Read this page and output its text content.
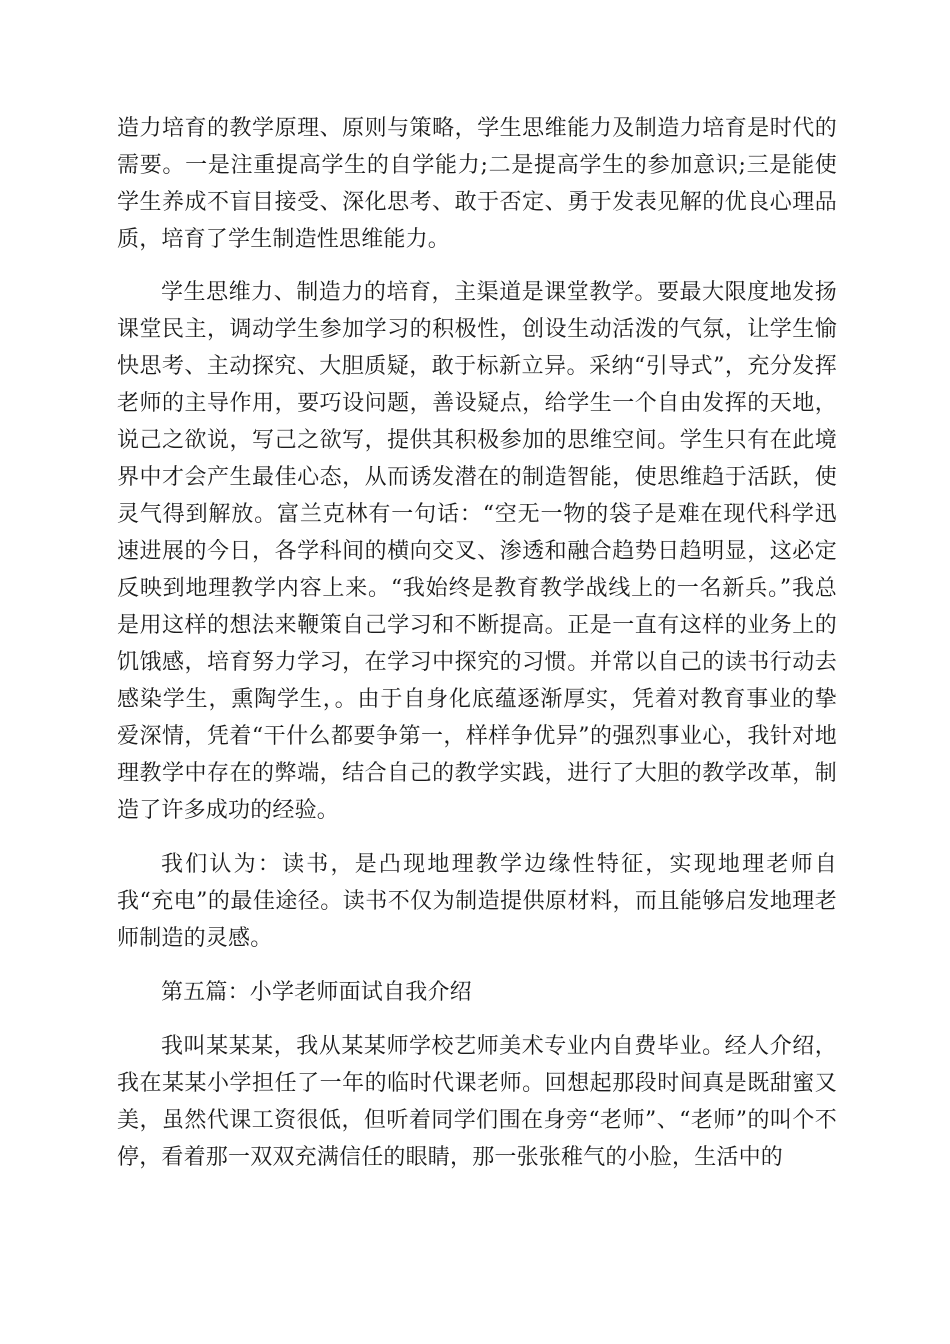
造力培育的教学原理、原则与策略，学生思维能力及制造力培育是时代的需要。一是注重提高学生的自学能力;二是提高学生的参加意识;三是能使学生养成不盲目接受、深化思考、敢于否定、勇于发表见解的优良心理品质，培育了学生制造性思维能力。

学生思维力、制造力的培育，主渠道是课堂教学。要最大限度地发扬课堂民主，调动学生参加学习的积极性，创设生动活泼的气氛，让学生愉快思考、主动探究、大胆质疑，敢于标新立异。采纳“引导式”，充分发挥老师的主导作用，要巧设问题，善设疑点，给学生一个自由发挥的天地，说己之欲说，写己之欲写，提供其积极参加的思维空间。学生只有在此境界中才会产生最佳心态，从而诱发潜在的制造智能，使思维趋于活跃，使灵气得到解放。富兰克林有一句话：“空无一物的袋子是难在现代科学迅速进展的今日，各学科间的横向交叉、渗透和融合趋势日趋明显，这必定反映到地理教学内容上来。“我始终是教育教学战线上的一名新兵。”我总是用这样的想法来鞭策自己学习和不断提高。正是一直有这样的业务上的饥饿感，培育努力学习，在学习中探究的习惯。并常以自己的读书行动去感染学生，熏陶学生，。由于自身化底蕴逐渐厚实，凭着对教育事业的挚爱深情，凭着“干什么都要争第一，样样争优异”的强烈事业心，我针对地理教学中存在的弊端，结合自己的教学实践，进行了大胆的教学改革，制造了许多成功的经验。

我们认为：读书，是凸现地理教学边缘性特征，实现地理老师自我“充电”的最佳途径。读书不仅为制造提供原材料，而且能够启发地理老师制造的灵感。

第五篇：小学老师面试自我介绍

我叫某某某，我从某某师学校艺师美术专业内自费毕业。经人介绍，我在某某小学担任了一年的临时代课老师。回想起那段时间真是既甜蜜又美，虽然代课工资很低，但听着同学们围在身旁“老师”、“老师”的叫个不停，看着那一双双充满信任的眼睛，那一张张稚气的小脸，生活中的
